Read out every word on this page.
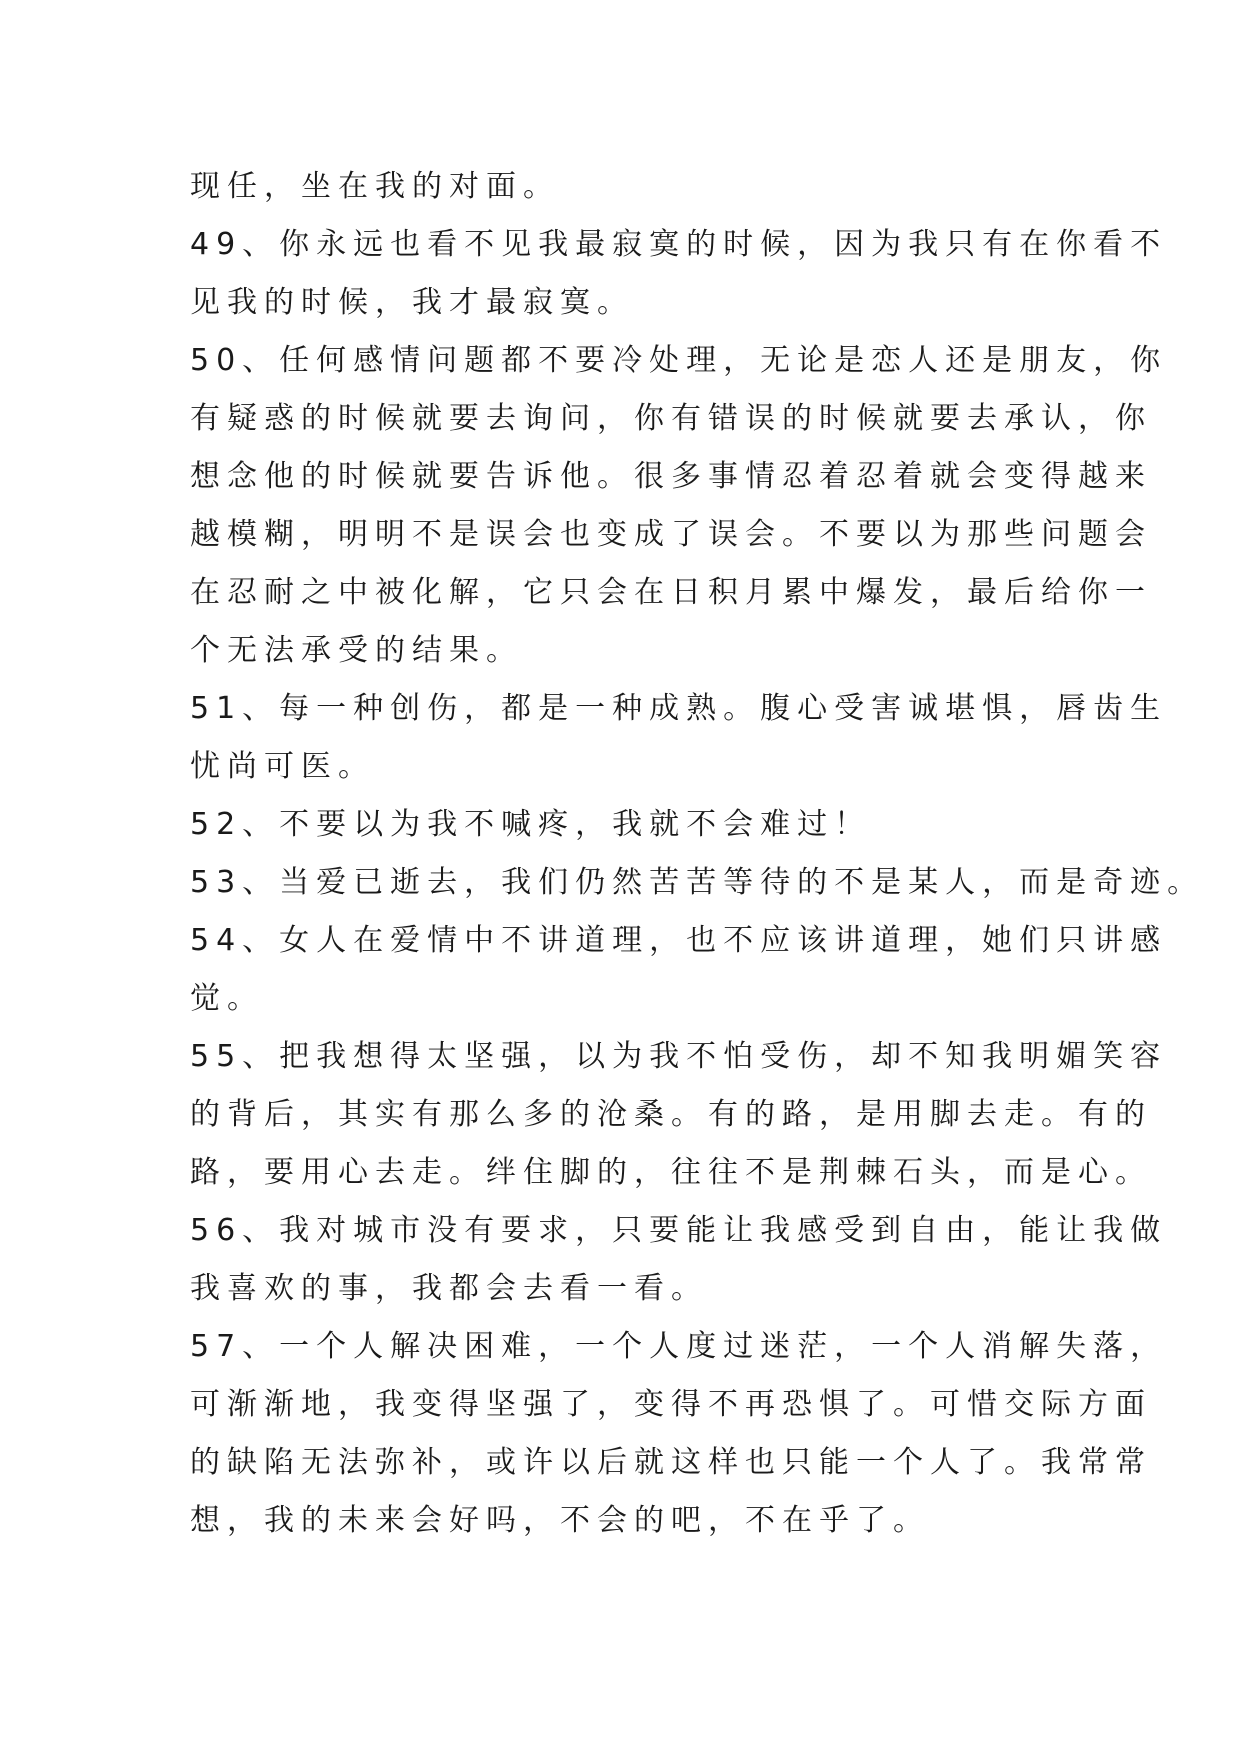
现任，坐在我的对面。
49、你永远也看不见我最寂寞的时候，因为我只有在你看不
见我的时候，我才最寂寞。
50、任何感情问题都不要冷处理，无论是恋人还是朋友，你
有疑惑的时候就要去询问，你有错误的时候就要去承认，你
想念他的时候就要告诉他。很多事情忍着忍着就会变得越来
越模糊，明明不是误会也变成了误会。不要以为那些问题会
在忍耐之中被化解，它只会在日积月累中爆发，最后给你一
个无法承受的结果。
51、每一种创伤，都是一种成熟。腹心受害诚堪惧，唇齿生
忧尚可医。
52、不要以为我不喊疼，我就不会难过！
53、当爱已逝去，我们仍然苦苦等待的不是某人，而是奇迹。
54、女人在爱情中不讲道理，也不应该讲道理，她们只讲感
觉。
55、把我想得太坚强，以为我不怕受伤，却不知我明媚笑容
的背后，其实有那么多的沧桑。有的路，是用脚去走。有的
路，要用心去走。绊住脚的，往往不是荆棘石头，而是心。
56、我对城市没有要求，只要能让我感受到自由，能让我做
我喜欢的事，我都会去看一看。
57、一个人解决困难，一个人度过迷茫，一个人消解失落，
可渐渐地，我变得坚强了，变得不再恐惧了。可惜交际方面
的缺陷无法弥补，或许以后就这样也只能一个人了。我常常
想，我的未来会好吗，不会的吧，不在乎了。
